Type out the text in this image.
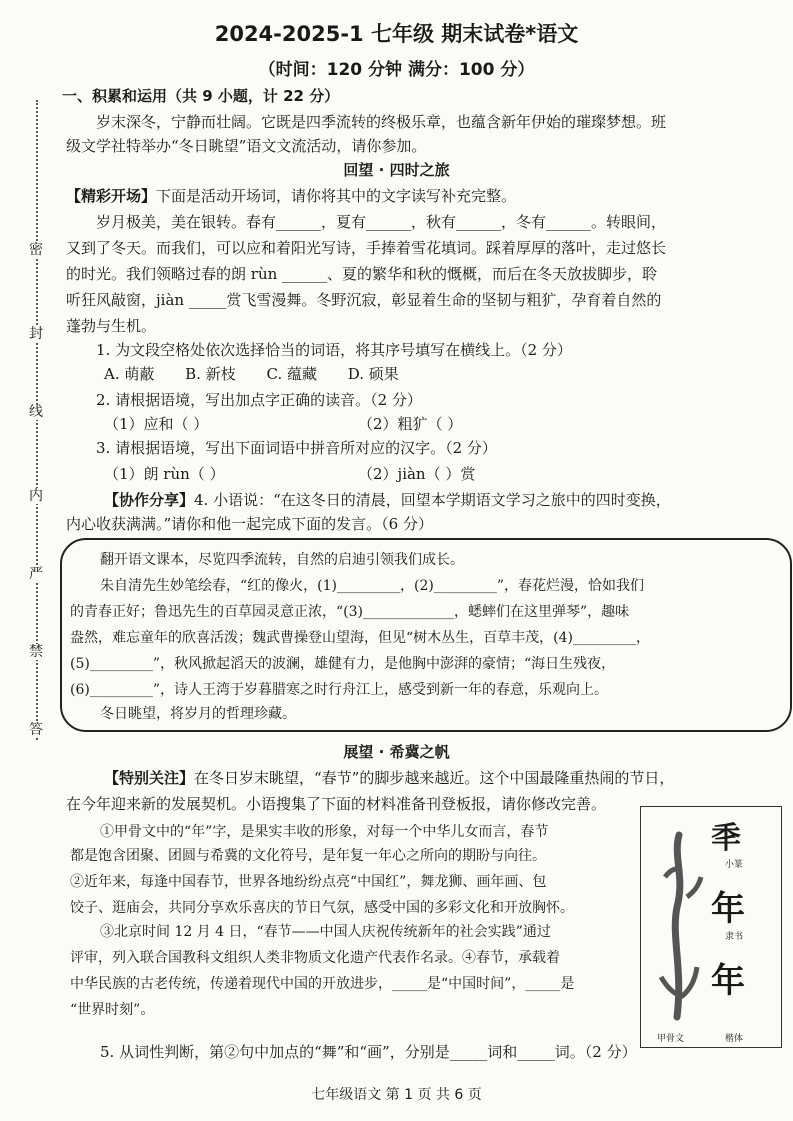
2024-2025-1 七年级 期末试卷*语文
（时间：120 分钟 满分：100 分）
密
封
线
内
严
禁
答
一、积累和运用（共 9 小题，计 22 分）
岁末深冬，宁静而壮阔。它既是四季流转的终极乐章，也蕴含新年伊始的璀璨梦想。班
级文学社特举办“冬日眺望”语文文流活动，请你参加。
回望 · 四时之旅
【精彩开场】下面是活动开场词，请你将其中的文字读写补充完整。
岁月极美，美在银转。春有______，夏有______，秋有______，冬有______。转眼间，
又到了冬天。而我们，可以应和着阳光写诗，手捧着雪花填词。踩着厚厚的落叶，走过悠长
的时光。我们领略过春的朗 rùn ______、夏的繁华和秋的慨概，而后在冬天放拔脚步，聆
听狂风敲窗，jiàn _____赏飞雪漫舞。冬野沉寂，彰显着生命的坚韧与粗犷，孕育着自然的
蓬勃与生机。
1. 为文段空格处依次选择恰当的词语，将其序号填写在横线上。（2 分）
A. 萌蔽 B. 新枝 C. 蕴藏 D. 硕果
2. 请根据语境，写出加点字正确的读音。（2 分）
（1）应和（ ）	（2）粗犷（ ）
3. 请根据语境，写出下面词语中拼音所对应的汉字。（2 分）
（1）朗 rùn（ ）	（2）jiàn（ ）赏
【协作分享】4. 小语说：“在这冬日的清晨，回望本学期语文学习之旅中的四时变换，
内心收获满满。”请你和他一起完成下面的发言。（6 分）
翻开语文课本，尽览四季流转，自然的启迪引领我们成长。
朱自清先生妙笔绘春，“红的像火，(1)_________，(2)_________”，春花烂漫，恰如我们
的青春正好；鲁迅先生的百草园灵意正浓，“(3)_____________，蟋蟀们在这里弹琴”，趣味
盎然，难忘童年的欣喜活泼；魏武曹操登山望海，但见“树木丛生，百草丰茂，(4)_________，
(5)_________”，秋风掀起滔天的波澜，雄健有力，是他胸中澎湃的豪情；“海日生残夜，
(6)_________”，诗人王湾于岁暮腊寒之时行舟江上，感受到新一年的春意，乐观向上。
冬日眺望，将岁月的哲理珍藏。
展望 · 希冀之帆
【特别关注】在冬日岁末眺望，“春节”的脚步越来越近。这个中国最隆重热闹的节日，
在今年迎来新的发展契机。小语搜集了下面的材料准备刊登板报，请你修改完善。
①甲骨文中的“年”字，是果实丰收的形象，对每一个中华儿女而言，春节
都是饱含团聚、团圆与希冀的文化符号，是年复一年心之所向的期盼与向往。
②近年来，每逢中国春节，世界各地纷纷点亮“中国红”，舞龙狮、画年画、包
饺子、逛庙会，共同分享欢乐喜庆的节日气氛，感受中国的多彩文化和开放胸怀。
③北京时间 12 月 4 日，“春节——中国人庆祝传统新年的社会实践”通过
评审，列入联合国教科文组织人类非物质文化遗产代表作名录。④春节，承载着
中华民族的古老传统，传递着现代中国的开放进步，_____是“中国时间”，_____是
“世界时刻”。
秊
小篆
年
隶书
年
甲骨文	楷体
5. 从词性判断，第②句中加点的“舞”和“画”，分别是_____词和_____词。（2 分）
七年级语文 第 1 页 共 6 页
